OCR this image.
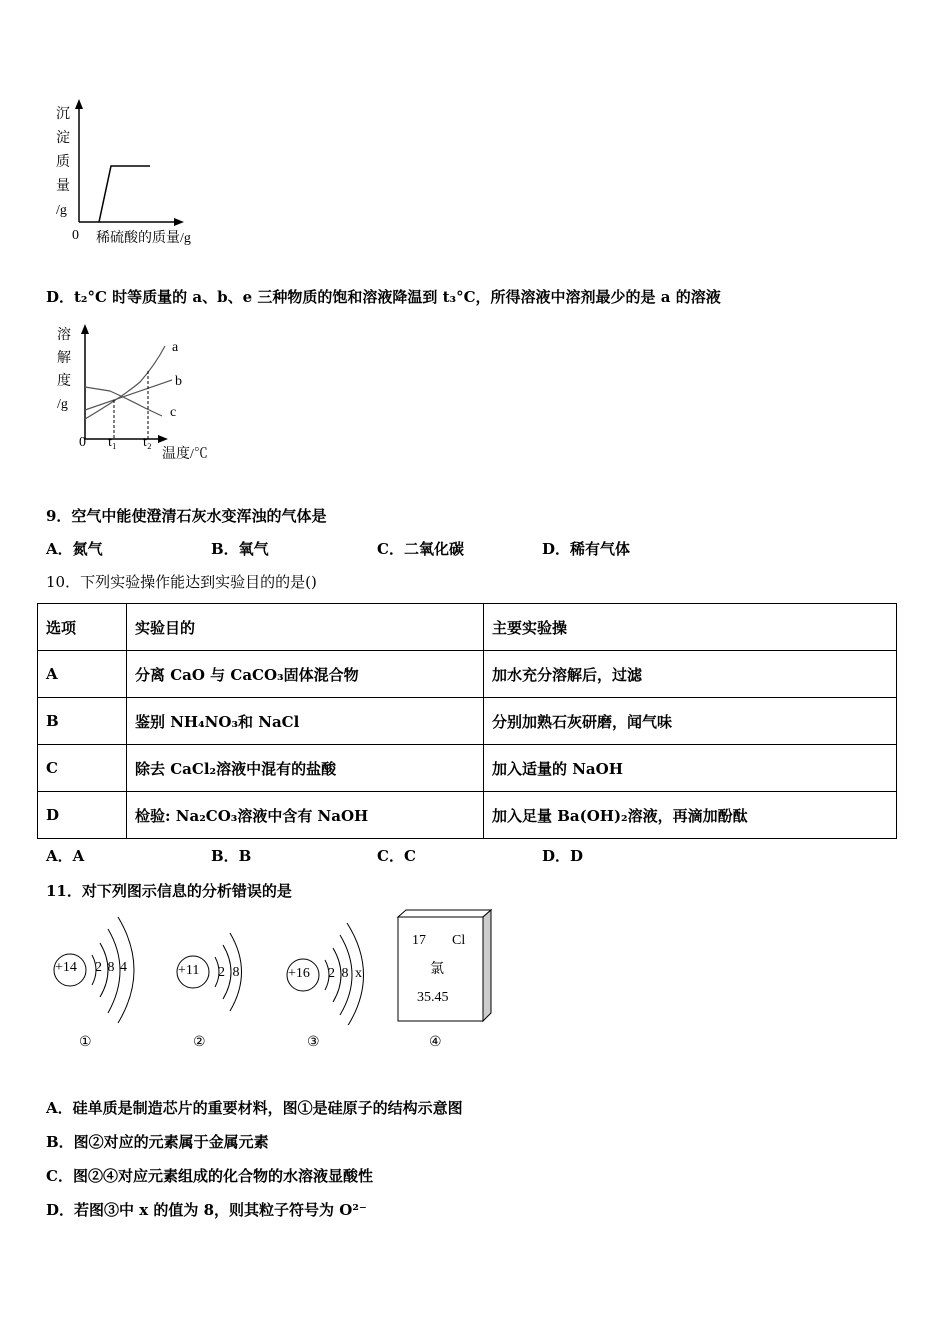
沉
淀
质
量
/g
0 稀硫酸的质量/g
D．t₂°C 时等质量的 a、b、e 三种物质的饱和溶液降温到 t₃°C，所得溶液中溶剂最少的是 a 的溶液
溶
解
度
/g
a
b
c
0 t₁ t₂
温度/℃
9．空气中能使澄清石灰水变浑浊的气体是
A．氮气	B．氧气	C．二氧化碳	D．稀有气体
10．下列实验操作能达到实验目的的是()
选项	实验目的	主要实验操
A	分离 CaO 与 CaCO₃固体混合物	加水充分溶解后，过滤
B	鉴别 NH₄NO₃和 NaCl	分别加熟石灰研磨，闻气味
C	除去 CaCl₂溶液中混有的盐酸	加入适量的 NaOH
D	检验: Na₂CO₃溶液中含有 NaOH	加入足量 Ba(OH)₂溶液，再滴加酚酞
A．A	B．B	C．C	D．D
11．对下列图示信息的分析错误的是
+14 2 8 4	+11 2 8	+16 2 8 x
17 Cl
氯
35.45
①	②	③	④
A．硅单质是制造芯片的重要材料，图①是硅原子的结构示意图
B．图②对应的元素属于金属元素
C．图②④对应元素组成的化合物的水溶液显酸性
D．若图③中 x 的值为 8，则其粒子符号为 O²⁻
